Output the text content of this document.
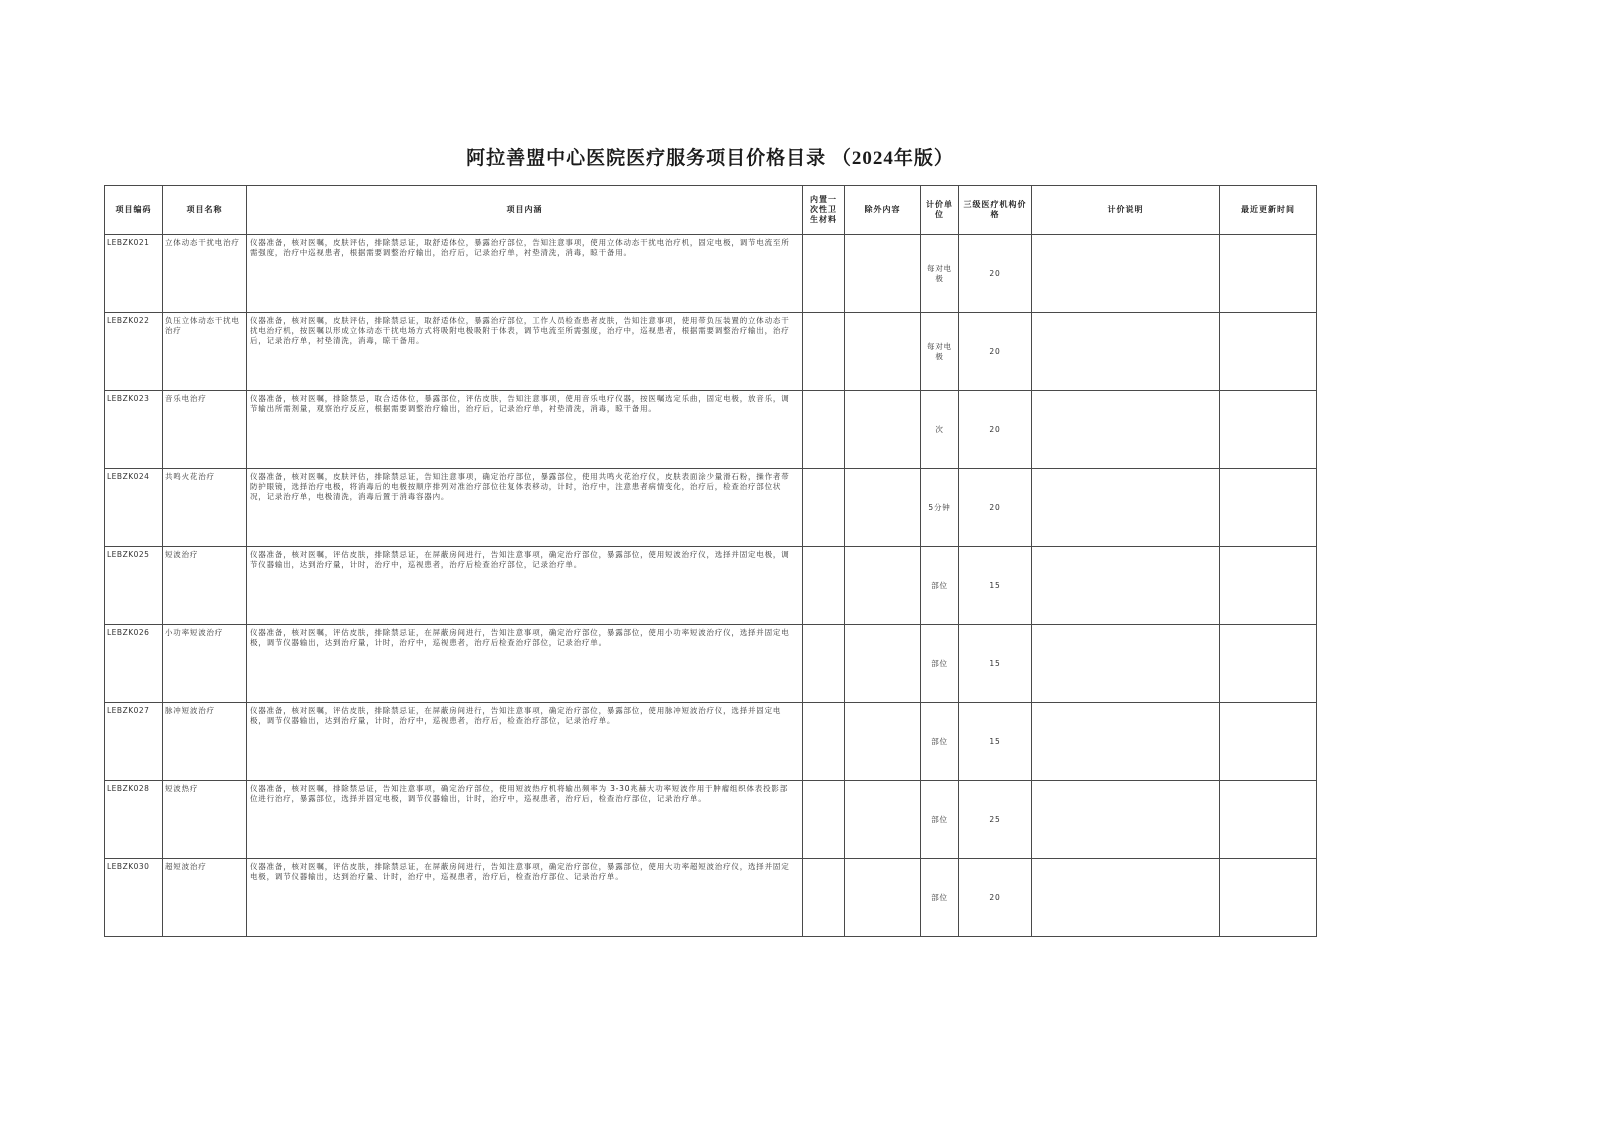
阿拉善盟中心医院医疗服务项目价格目录 （2024年版）
项目编码	项目名称	项目内涵	内置一次性卫生材料	除外内容	计价单位	三级医疗机构价格	计价说明	最近更新时间
LEBZK021	立体动态干扰电治疗	仪器准备，核对医嘱，皮肤评估，排除禁忌证，取舒适体位，暴露治疗部位，告知注意事项，使用立体动态干扰电治疗机，固定电极，调节电流至所需强度，治疗中巡视患者，根据需要调整治疗输出，治疗后，记录治疗单，衬垫清洗，消毒，晾干备用。			每对电极	20		
LEBZK022	负压立体动态干扰电治疗	仪器准备，核对医嘱，皮肤评估，排除禁忌证，取舒适体位，暴露治疗部位，工作人员检查患者皮肤，告知注意事项，使用带负压装置的立体动态干扰电治疗机，按医嘱以形成立体动态干扰电场方式将吸附电极吸附于体表，调节电流至所需强度，治疗中，巡视患者，根据需要调整治疗输出，治疗后，记录治疗单，衬垫清洗，消毒，晾干备用。			每对电极	20		
LEBZK023	音乐电治疗	仪器准备，核对医嘱，排除禁忌，取合适体位，暴露部位，评估皮肤，告知注意事项，使用音乐电疗仪器，按医嘱选定乐曲，固定电极，放音乐，调节输出所需剂量，观察治疗反应，根据需要调整治疗输出，治疗后，记录治疗单，衬垫清洗，消毒，晾干备用。			次	20		
LEBZK024	共鸣火花治疗	仪器准备，核对医嘱，皮肤评估，排除禁忌证，告知注意事项，确定治疗部位，暴露部位，使用共鸣火花治疗仪，皮肤表面涂少量滑石粉，操作者带防护眼镜，选择治疗电极，将消毒后的电极按顺序排列对准治疗部位往复体表移动，计时，治疗中，注意患者病情变化，治疗后，检查治疗部位状况，记录治疗单，电极清洗，消毒后置于消毒容器内。			5分钟	20		
LEBZK025	短波治疗	仪器准备，核对医嘱，评估皮肤，排除禁忌证，在屏蔽房间进行，告知注意事项，确定治疗部位，暴露部位，使用短波治疗仪，选择并固定电极，调节仪器输出，达到治疗量，计时，治疗中，巡视患者，治疗后检查治疗部位，记录治疗单。			部位	15		
LEBZK026	小功率短波治疗	仪器准备，核对医嘱，评估皮肤，排除禁忌证，在屏蔽房间进行，告知注意事项，确定治疗部位，暴露部位，使用小功率短波治疗仪，选择并固定电极，调节仪器输出，达到治疗量，计时，治疗中，巡视患者，治疗后检查治疗部位，记录治疗单。			部位	15		
LEBZK027	脉冲短波治疗	仪器准备，核对医嘱，评估皮肤，排除禁忌证，在屏蔽房间进行，告知注意事项，确定治疗部位，暴露部位，使用脉冲短波治疗仪，选择并固定电极，调节仪器输出，达到治疗量，计时，治疗中，巡视患者，治疗后，检查治疗部位，记录治疗单。			部位	15		
LEBZK028	短波热疗	仪器准备，核对医嘱，排除禁忌证，告知注意事项，确定治疗部位，使用短波热疗机将输出频率为 3-30兆赫大功率短波作用于肿瘤组织体表投影部位进行治疗，暴露部位，选择并固定电极，调节仪器输出，计时，治疗中，巡视患者，治疗后，检查治疗部位，记录治疗单。			部位	25		
LEBZK030	超短波治疗	仪器准备，核对医嘱，评估皮肤，排除禁忌证，在屏蔽房间进行，告知注意事项，确定治疗部位，暴露部位，使用大功率超短波治疗仪，选择并固定电极，调节仪器输出，达到治疗量、计时，治疗中，巡视患者，治疗后，检查治疗部位、记录治疗单。			部位	20		
